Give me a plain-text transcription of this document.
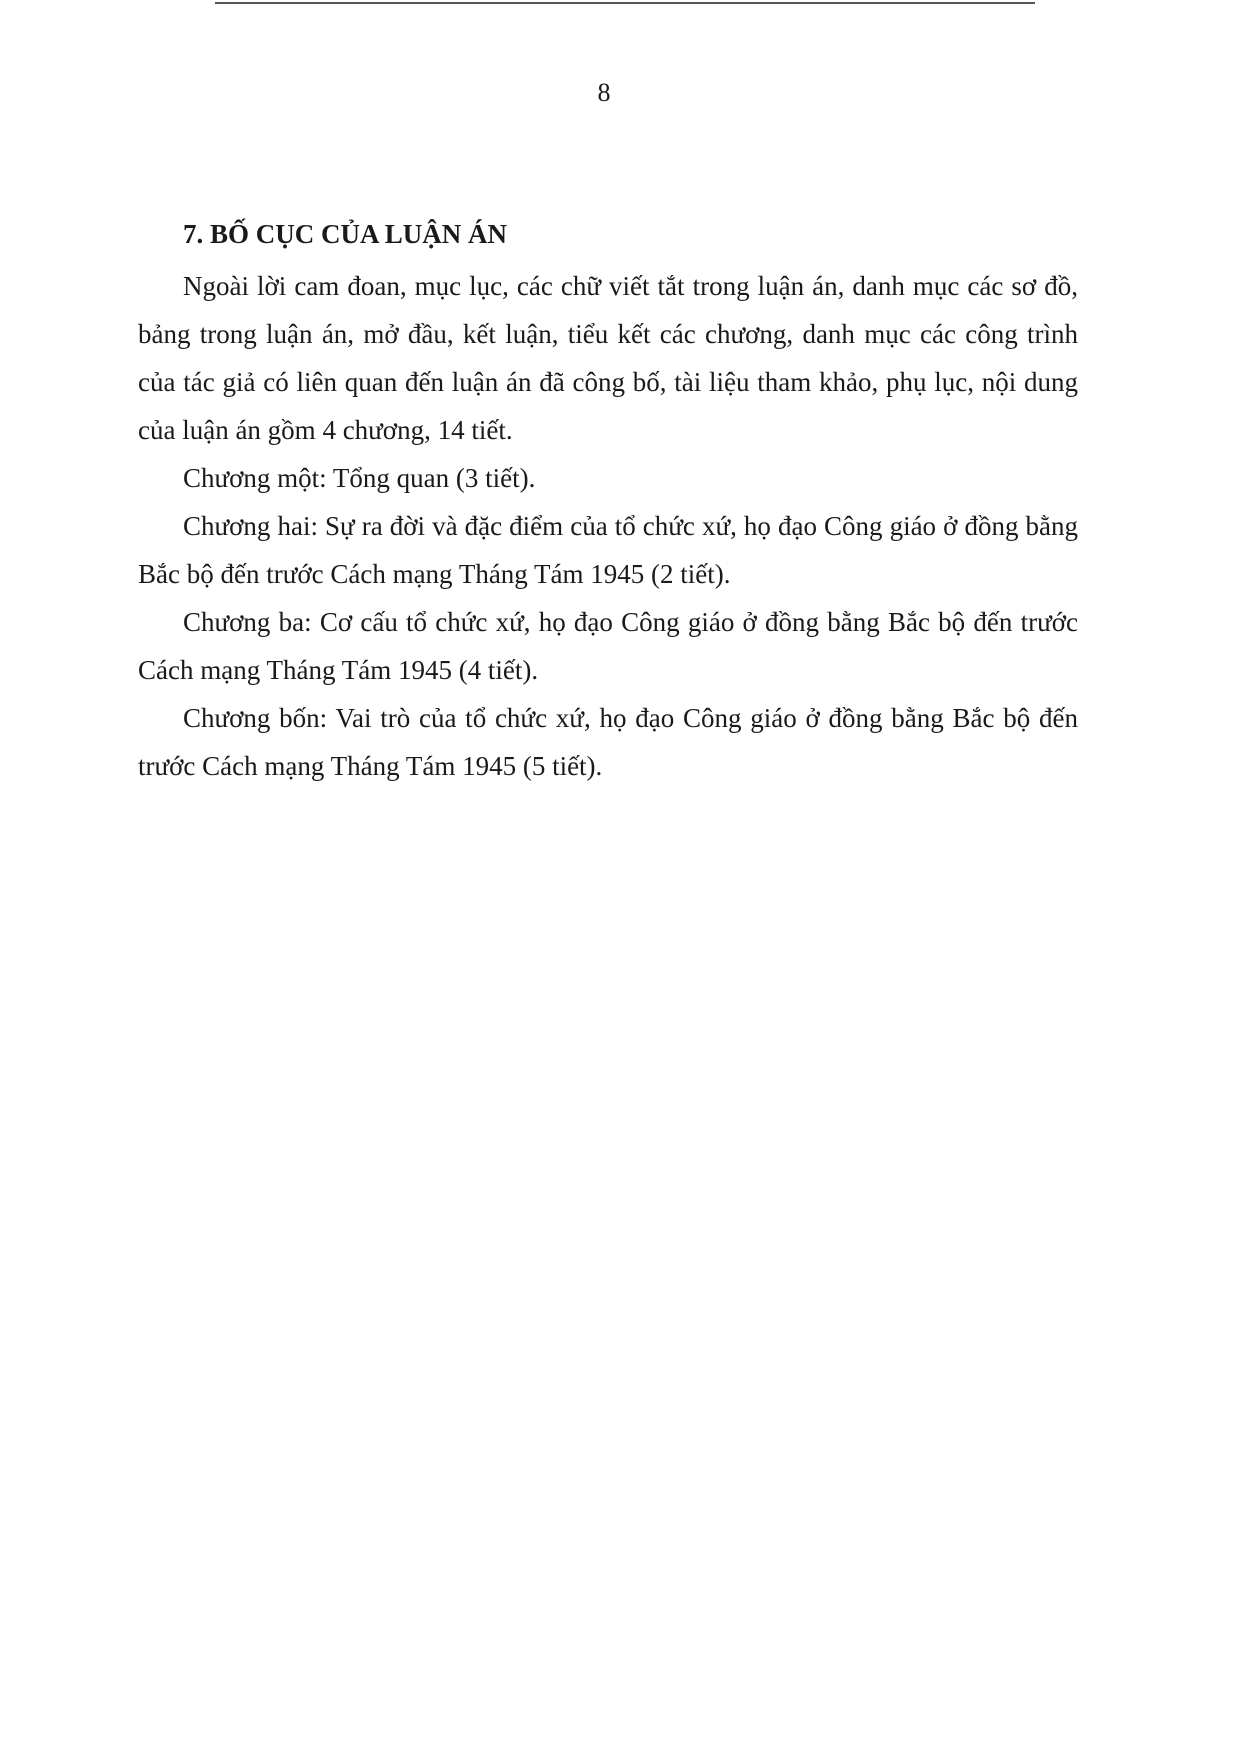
8
7. BỐ CỤC CỦA LUẬN ÁN

Ngoài lời cam đoan, mục lục, các chữ viết tắt trong luận án, danh mục các sơ đồ, bảng trong luận án, mở đầu, kết luận, tiểu kết các chương, danh mục các công trình của tác giả có liên quan đến luận án đã công bố, tài liệu tham khảo, phụ lục, nội dung của luận án gồm 4 chương, 14 tiết.

Chương một: Tổng quan (3 tiết).

Chương hai: Sự ra đời và đặc điểm của tổ chức xứ, họ đạo Công giáo ở đồng bằng Bắc bộ đến trước Cách mạng Tháng Tám 1945 (2 tiết).

Chương ba: Cơ cấu tổ chức xứ, họ đạo Công giáo ở đồng bằng Bắc bộ đến trước Cách mạng Tháng Tám 1945 (4 tiết).

Chương bốn: Vai trò của tổ chức xứ, họ đạo Công giáo ở đồng bằng Bắc bộ đến trước Cách mạng Tháng Tám 1945 (5 tiết).
